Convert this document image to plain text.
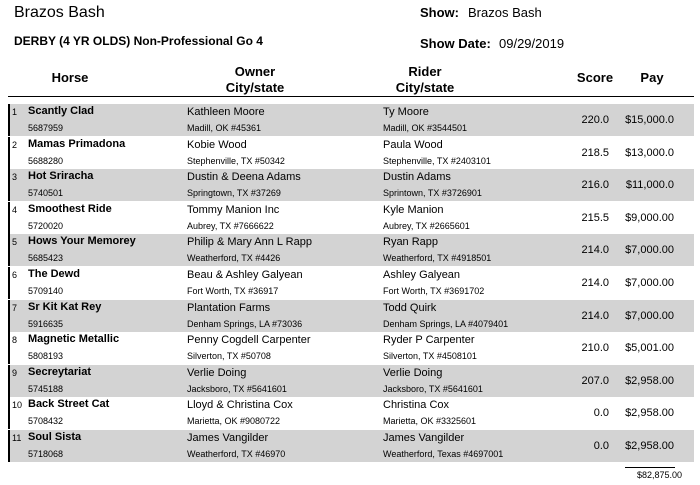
Brazos Bash
DERBY (4 YR OLDS) Non-Professional Go 4
Show: Brazos Bash
Show Date: 09/29/2019
Horse	Owner
City/state
Rider
City/state
Score	Pay
1 Scantly Clad
5687959
Kathleen Moore
Madill, OK #45361
Ty Moore
Madill, OK #3544501
220.0 $15,000.0
2 Mamas Primadona
5688280
Kobie Wood
Stephenville, TX #50342
Paula Wood
Stephenville, TX #2403101
218.5 $13,000.0
3 Hot Sriracha
5740501
Dustin & Deena Adams
Springtown, TX #37269
Dustin Adams
Sprintown, TX #3726901
216.0 $11,000.0
4 Smoothest Ride
5720020
Tommy Manion Inc
Aubrey, TX #7666622
Kyle Manion
Aubrey, TX #2665601
215.5 $9,000.00
5 Hows Your Memorey
5685423
Philip & Mary Ann L Rapp
Weatherford, TX #4426
Ryan Rapp
Weatherford, TX #4918501
214.0 $7,000.00
6 The Dewd
5709140
Beau & Ashley Galyean
Fort Worth, TX #36917
Ashley Galyean
Fort Worth, TX #3691702
214.0 $7,000.00
7 Sr Kit Kat Rey
5916635
Plantation Farms
Denham Springs, LA #73036
Todd Quirk
Denham Springs, LA #4079401
214.0 $7,000.00
8 Magnetic Metallic
5808193
Penny Cogdell Carpenter
Silverton, TX #50708
Ryder P Carpenter
Silverton, TX #4508101
210.0 $5,001.00
9 Secreytariat
5745188
Verlie Doing
Jacksboro, TX #5641601
Verlie Doing
Jacksboro, TX #5641601
207.0 $2,958.00
10 Back Street Cat
5708432
Lloyd & Christina Cox
Marietta, OK #9080722
Christina Cox
Marietta, OK #3325601
0.0 $2,958.00
11 Soul Sista
5718068
James Vangilder
Weatherford, TX #46970
James Vangilder
Weatherford, Texas #4697001
0.0 $2,958.00
$82,875.00
